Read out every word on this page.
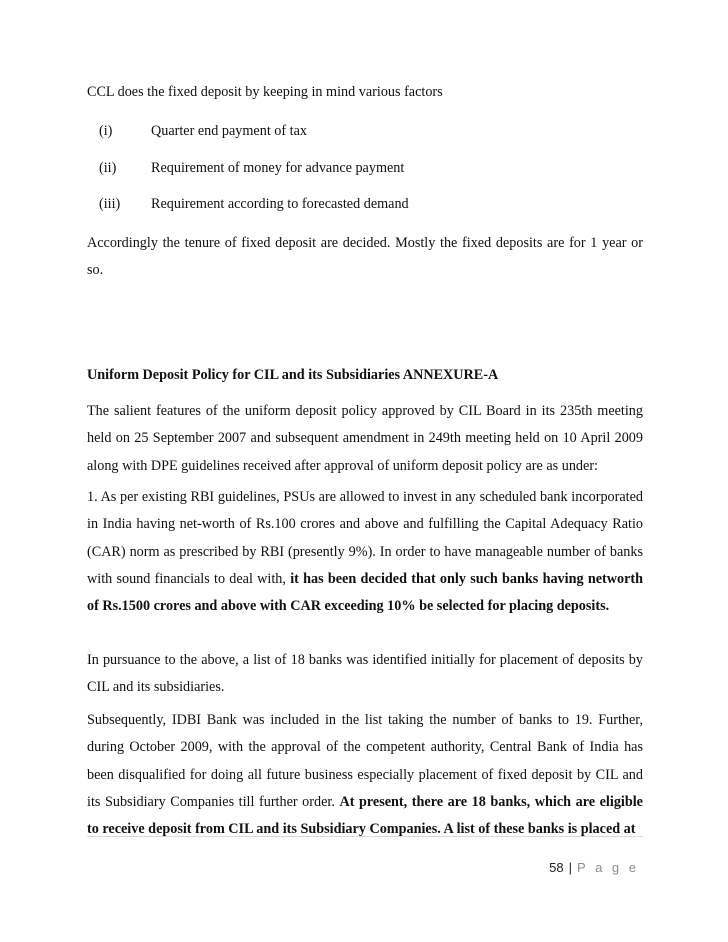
CCL does the fixed deposit by keeping in mind various factors
(i)	Quarter end payment of tax
(ii) Requirement of money for advance payment
(iii) Requirement according to forecasted demand

Accordingly the tenure of fixed deposit are decided. Mostly the fixed deposits are for 1 year or so.

Uniform Deposit Policy for CIL and its Subsidiaries ANNEXURE-A

The salient features of the uniform deposit policy approved by CIL Board in its 235th meeting held on 25 September 2007 and subsequent amendment in 249th meeting held on 10 April 2009 along with DPE guidelines received after approval of uniform deposit policy are as under:

1. As per existing RBI guidelines, PSUs are allowed to invest in any scheduled bank incorporated in India having net-worth of Rs.100 crores and above and fulfilling the Capital Adequacy Ratio (CAR) norm as prescribed by RBI (presently 9%). In order to have manageable number of banks with sound financials to deal with, it has been decided that only such banks having networth of Rs.1500 crores and above with CAR exceeding 10% be selected for placing deposits.

In pursuance to the above, a list of 18 banks was identified initially for placement of deposits by CIL and its subsidiaries.

Subsequently, IDBI Bank was included in the list taking the number of banks to 19. Further, during October 2009, with the approval of the competent authority, Central Bank of India has been disqualified for doing all future business especially placement of fixed deposit by CIL and its Subsidiary Companies till further order. At present, there are 18 banks, which are eligible to receive deposit from CIL and its Subsidiary Companies. A list of these banks is placed at

58 | P a g e
